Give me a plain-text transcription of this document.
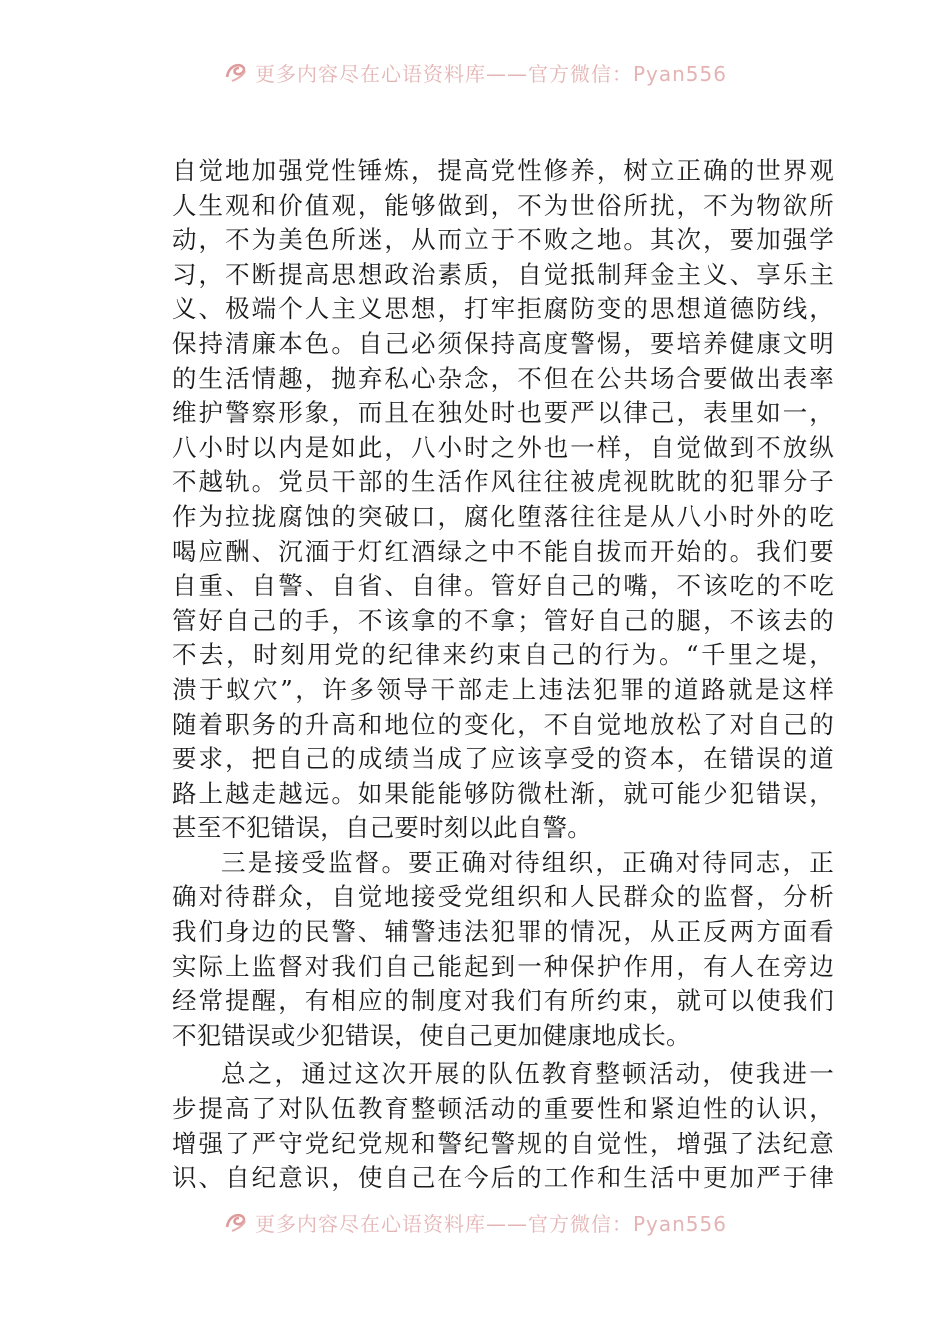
更多内容尽在心语资料库——官方微信：Pyan556
自觉地加强党性锤炼，提高党性修养，树立正确的世界观
人生观和价值观，能够做到，不为世俗所扰，不为物欲所
动，不为美色所迷，从而立于不败之地。其次，要加强学
习，不断提高思想政治素质，自觉抵制拜金主义、享乐主
义、极端个人主义思想，打牢拒腐防变的思想道德防线，
保持清廉本色。自己必须保持高度警惕，要培养健康文明
的生活情趣，抛弃私心杂念，不但在公共场合要做出表率
维护警察形象，而且在独处时也要严以律己，表里如一，
八小时以内是如此，八小时之外也一样，自觉做到不放纵
不越轨。党员干部的生活作风往往被虎视眈眈的犯罪分子
作为拉拢腐蚀的突破口，腐化堕落往往是从八小时外的吃
喝应酬、沉湎于灯红酒绿之中不能自拔而开始的。我们要
自重、自警、自省、自律。管好自己的嘴，不该吃的不吃
管好自己的手，不该拿的不拿；管好自己的腿，不该去的
不去，时刻用党的纪律来约束自己的行为。“千里之堤，
溃于蚁穴”，许多领导干部走上违法犯罪的道路就是这样
随着职务的升高和地位的变化，不自觉地放松了对自己的
要求，把自己的成绩当成了应该享受的资本，在错误的道
路上越走越远。如果能能够防微杜渐，就可能少犯错误，
甚至不犯错误，自己要时刻以此自警。
三是接受监督。要正确对待组织，正确对待同志，正
确对待群众，自觉地接受党组织和人民群众的监督，分析
我们身边的民警、辅警违法犯罪的情况，从正反两方面看
实际上监督对我们自己能起到一种保护作用，有人在旁边
经常提醒，有相应的制度对我们有所约束，就可以使我们
不犯错误或少犯错误，使自己更加健康地成长。
总之，通过这次开展的队伍教育整顿活动，使我进一
步提高了对队伍教育整顿活动的重要性和紧迫性的认识，
增强了严守党纪党规和警纪警规的自觉性，增强了法纪意
识、自纪意识，使自己在今后的工作和生活中更加严于律
更多内容尽在心语资料库——官方微信：Pyan556
